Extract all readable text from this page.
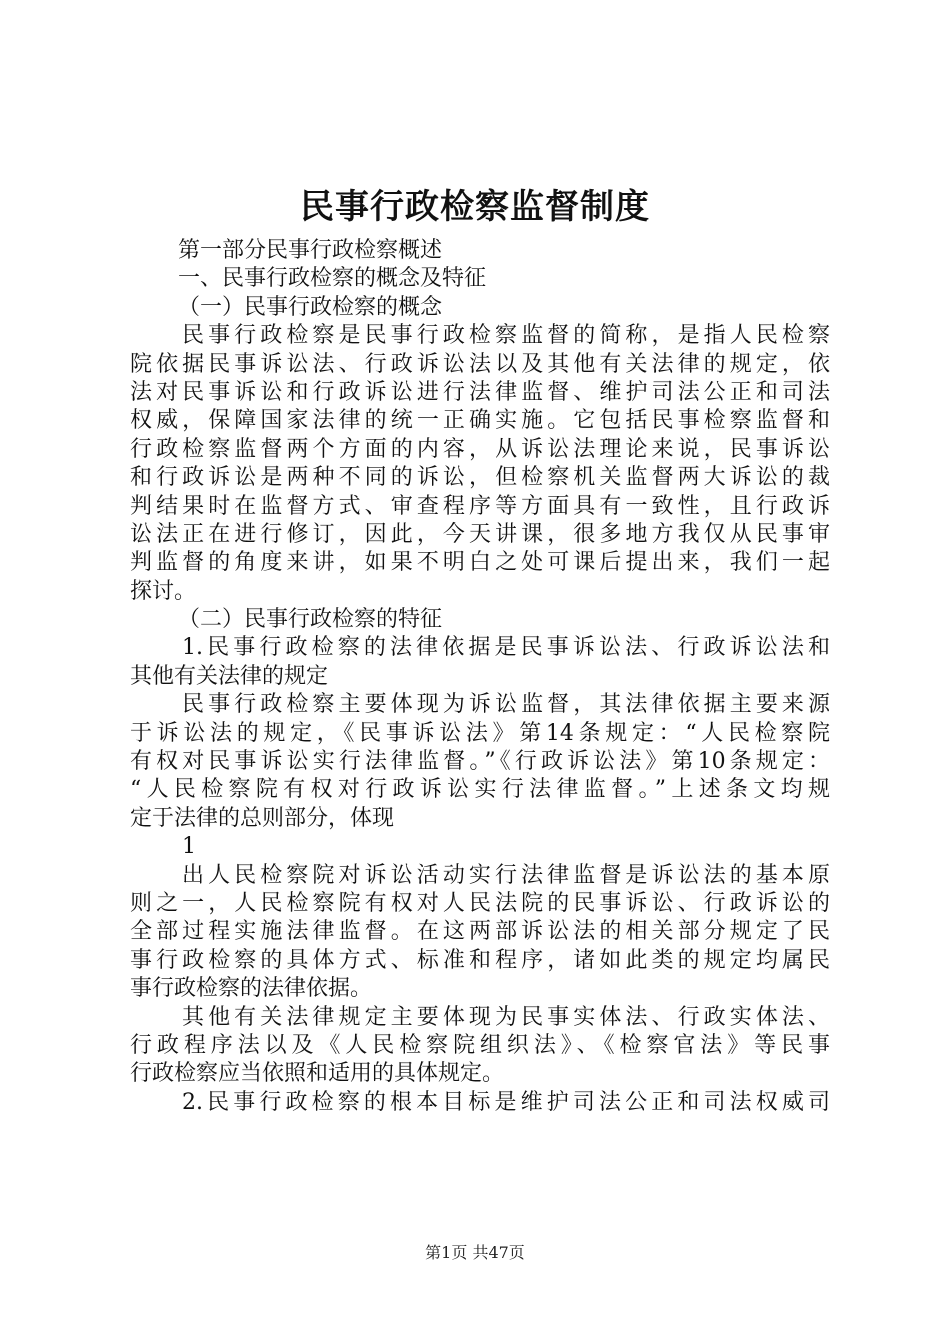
民事行政检察监督制度
第一部分民事行政检察概述
一、民事行政检察的概念及特征
（一）民事行政检察的概念
民事行政检察是民事行政检察监督的简称，是指人民检察
院依据民事诉讼法、行政诉讼法以及其他有关法律的规定，依
法对民事诉讼和行政诉讼进行法律监督、维护司法公正和司法
权威，保障国家法律的统一正确实施。它包括民事检察监督和
行政检察监督两个方面的内容，从诉讼法理论来说，民事诉讼
和行政诉讼是两种不同的诉讼，但检察机关监督两大诉讼的裁
判结果时在监督方式、审查程序等方面具有一致性，且行政诉
讼法正在进行修订，因此，今天讲课，很多地方我仅从民事审
判监督的角度来讲，如果不明白之处可课后提出来，我们一起
探讨。
（二）民事行政检察的特征
1.民事行政检察的法律依据是民事诉讼法、行政诉讼法和
其他有关法律的规定
民事行政检察主要体现为诉讼监督，其法律依据主要来源
于诉讼法的规定，《民事诉讼法》第14条规定：“人民检察院
有权对民事诉讼实行法律监督。”《行政诉讼法》第10条规定：
“人民检察院有权对行政诉讼实行法律监督。”上述条文均规
定于法律的总则部分，体现
1
出人民检察院对诉讼活动实行法律监督是诉讼法的基本原
则之一，人民检察院有权对人民法院的民事诉讼、行政诉讼的
全部过程实施法律监督。在这两部诉讼法的相关部分规定了民
事行政检察的具体方式、标准和程序，诸如此类的规定均属民
事行政检察的法律依据。
其他有关法律规定主要体现为民事实体法、行政实体法、
行政程序法以及《人民检察院组织法》、《检察官法》等民事
行政检察应当依照和适用的具体规定。
2.民事行政检察的根本目标是维护司法公正和司法权威司
第1页 共47页
